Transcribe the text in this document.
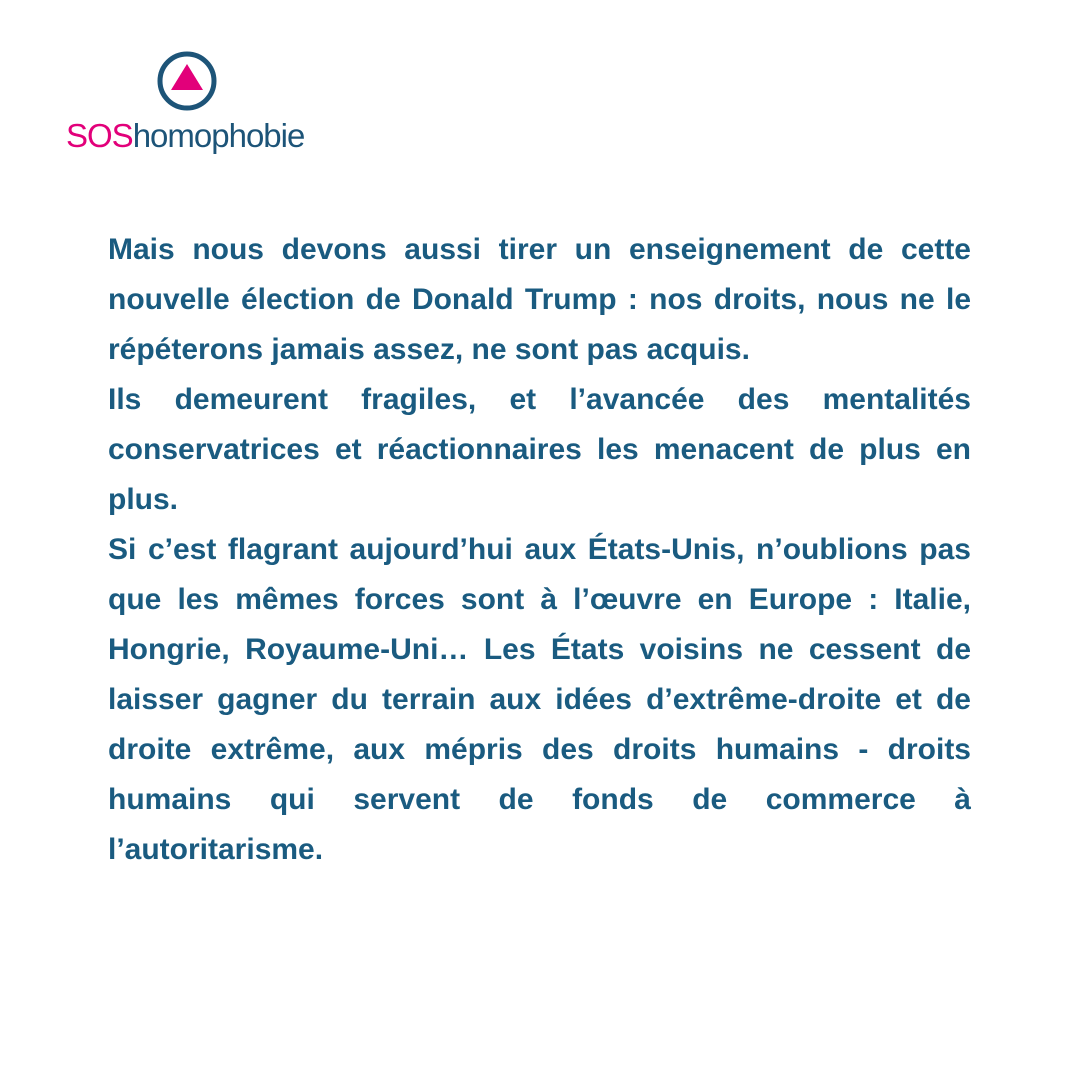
SOShomophobie

Mais nous devons aussi tirer un enseignement de cette nouvelle élection de Donald Trump : nos droits, nous ne le répéterons jamais assez, ne sont pas acquis.

Ils demeurent fragiles, et l’avancée des mentalités conservatrices et réactionnaires les menacent de plus en plus.

Si c’est flagrant aujourd’hui aux États-Unis, n’oublions pas que les mêmes forces sont à l’œuvre en Europe : Italie, Hongrie, Royaume-Uni… Les États voisins ne cessent de laisser gagner du terrain aux idées d’extrême-droite et de droite extrême, aux mépris des droits humains - droits humains qui servent de fonds de commerce à l’autoritarisme.
